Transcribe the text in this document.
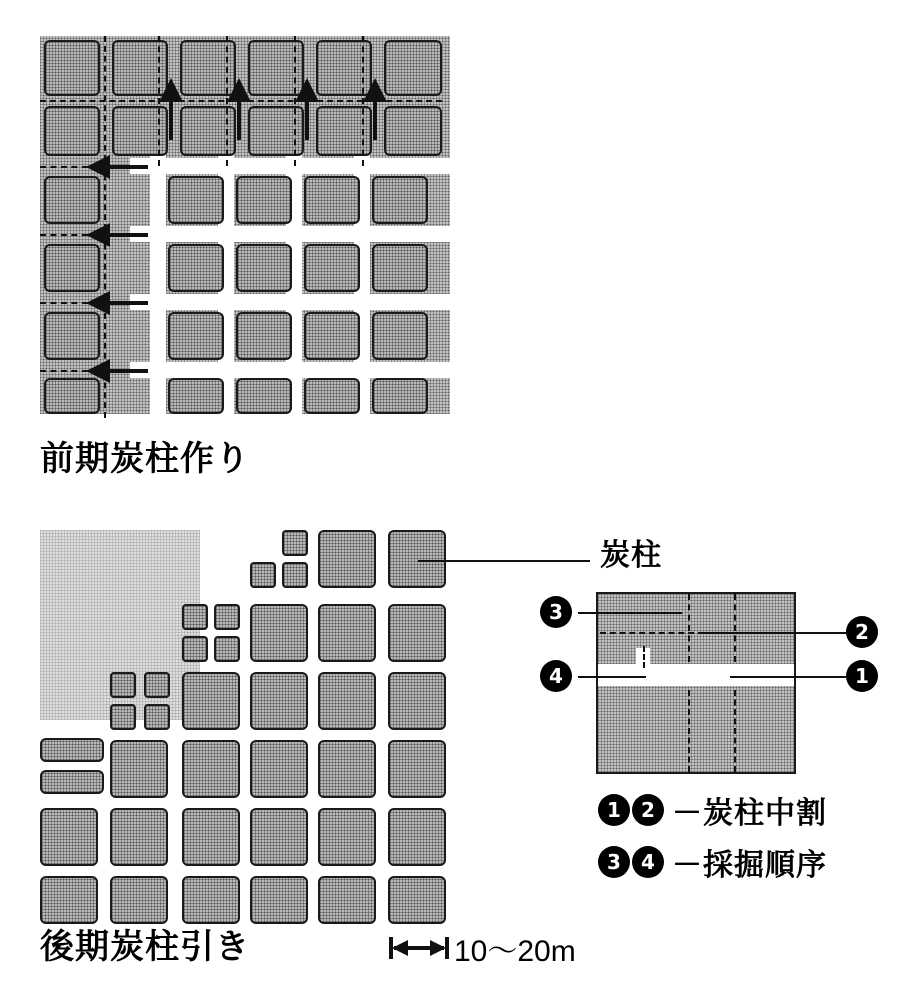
前期炭柱作り
後期炭柱引き	10～20m
炭柱
3
4
2
1
1	2 －炭柱中割
3	4 －採掘順序
